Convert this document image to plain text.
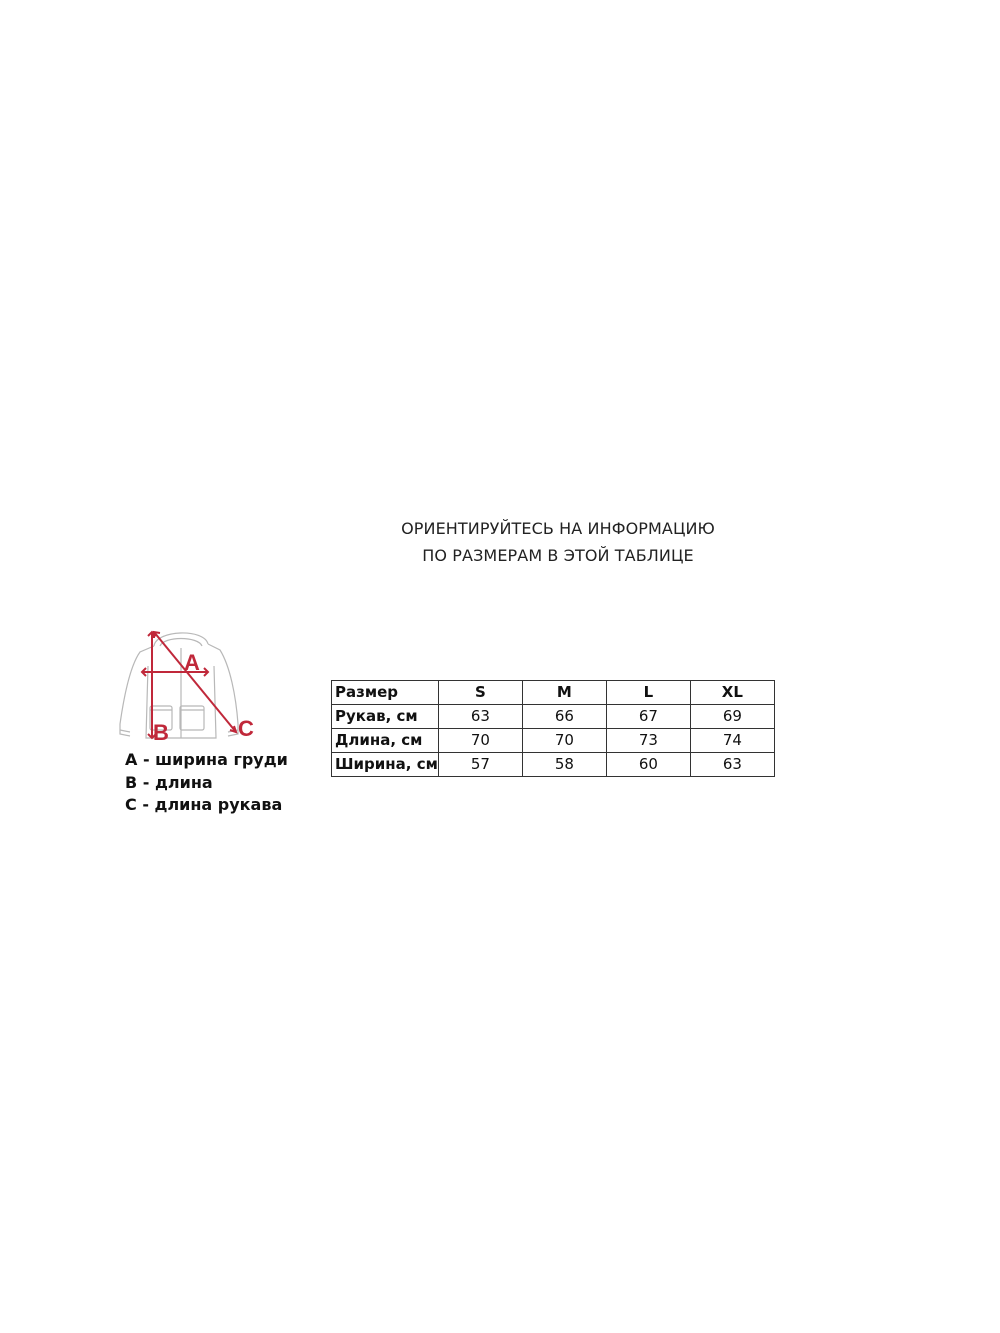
ОРИЕНТИРУЙТЕСЬ НА ИНФОРМАЦИЮ
ПО РАЗМЕРАМ В ЭТОЙ ТАБЛИЦЕ
A
B	C
A - ширина груди
B - длина
C - длина рукава
Размер	S	M	L	XL
Рукав, см	63	66	67	69
Длина, см	70	70	73	74
Ширина, см	57	58	60	63
